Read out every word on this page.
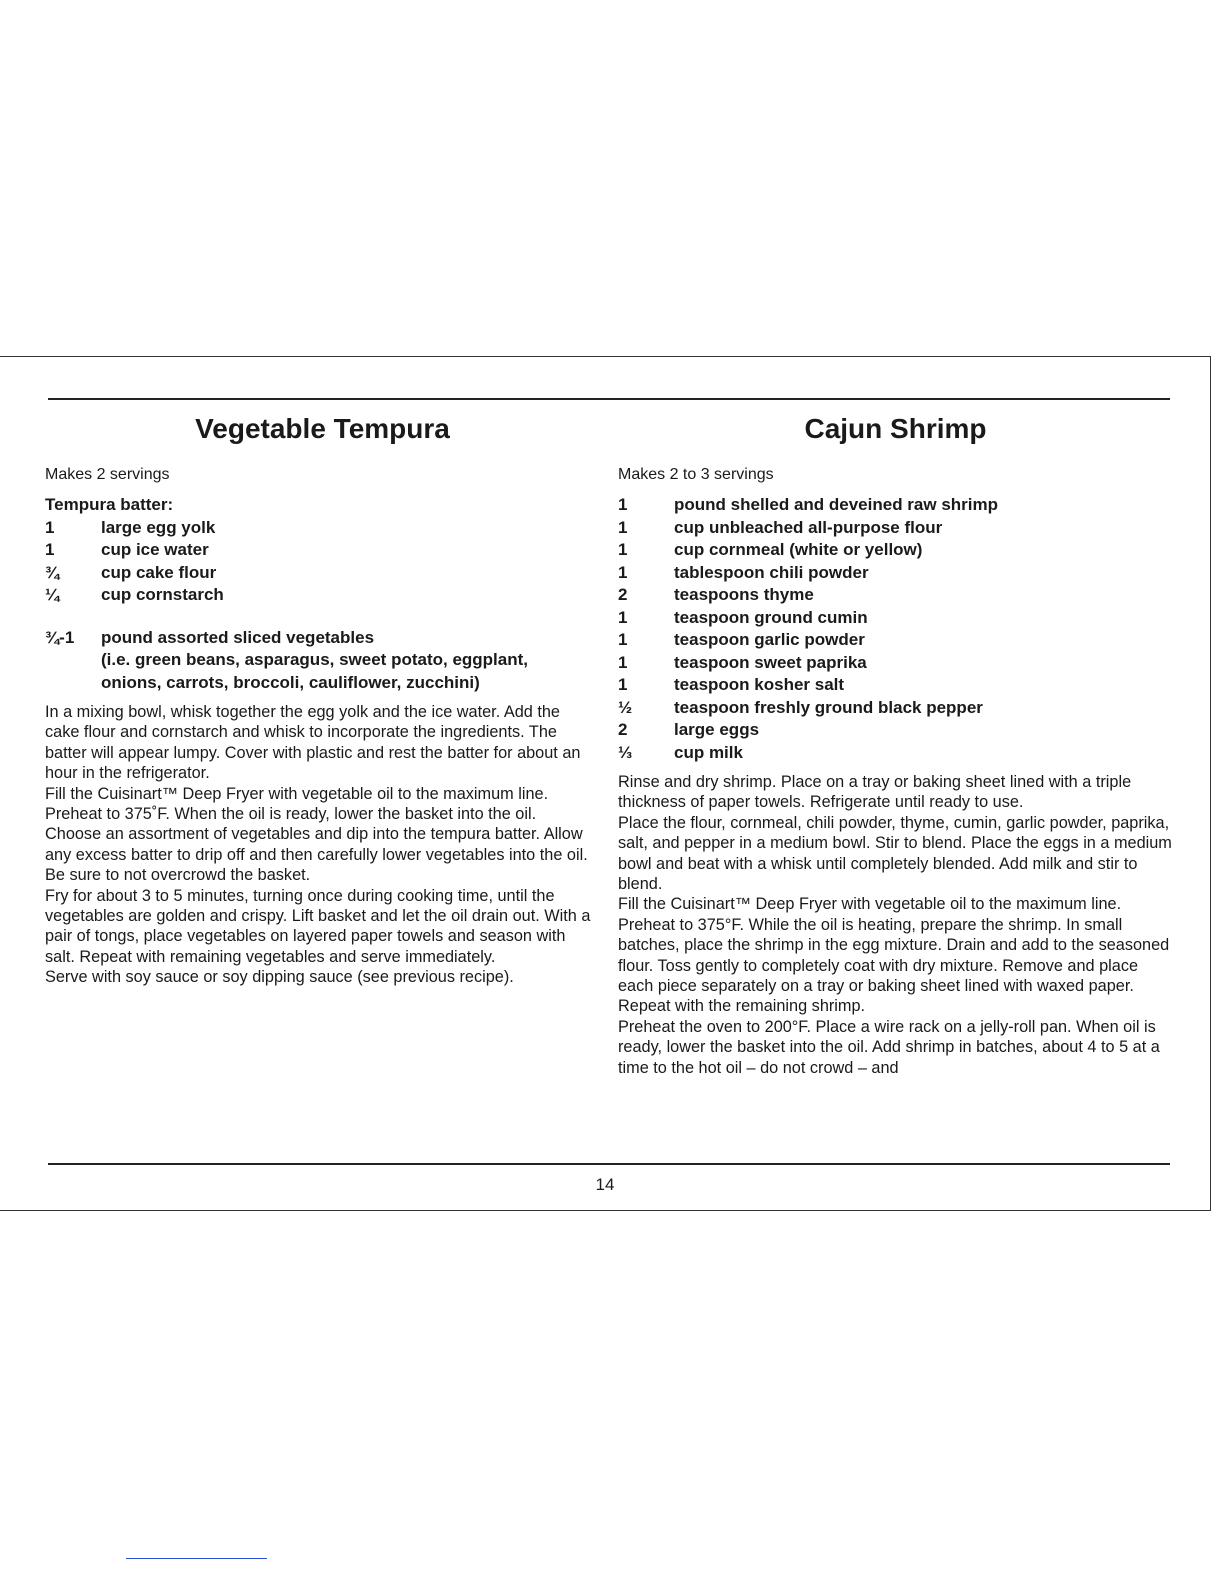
Vegetable Tempura
Makes 2 servings
Tempura batter:
1	large egg yolk
1	cup ice water
¾	cup cake flour
¼	cup cornstarch
¾-1	pound assorted sliced vegetables
(i.e. green beans, asparagus, sweet potato, eggplant,
onions, carrots, broccoli, cauliflower, zucchini)

In a mixing bowl, whisk together the egg yolk and the ice water. Add the cake flour and cornstarch and whisk to incorporate the ingredients. The batter will appear lumpy. Cover with plastic and rest the batter for about an hour in the refrigerator.

Fill the Cuisinart™ Deep Fryer with vegetable oil to the maximum line. Preheat to 375˚F. When the oil is ready, lower the basket into the oil. Choose an assortment of vegetables and dip into the tempura batter. Allow any excess batter to drip off and then carefully lower vegetables into the oil. Be sure to not overcrowd the basket.

Fry for about 3 to 5 minutes, turning once during cooking time, until the vegetables are golden and crispy. Lift basket and let the oil drain out. With a pair of tongs, place vegetables on layered paper towels and season with salt. Repeat with remaining vegetables and serve immediately.

Serve with soy sauce or soy dipping sauce (see previous recipe).

Cajun Shrimp
Makes 2 to 3 servings
1	pound shelled and deveined raw shrimp
1	cup unbleached all-purpose flour
1	cup cornmeal (white or yellow)
1	tablespoon chili powder
2	teaspoons thyme
1	teaspoon ground cumin
1	teaspoon garlic powder
1	teaspoon sweet paprika
1	teaspoon kosher salt
½	teaspoon freshly ground black pepper
2	large eggs
⅓	cup milk

Rinse and dry shrimp. Place on a tray or baking sheet lined with a triple thickness of paper towels. Refrigerate until ready to use.

Place the flour, cornmeal, chili powder, thyme, cumin, garlic powder, paprika, salt, and pepper in a medium bowl. Stir to blend. Place the eggs in a medium bowl and beat with a whisk until completely blended. Add milk and stir to blend.

Fill the Cuisinart™ Deep Fryer with vegetable oil to the maximum line. Preheat to 375°F. While the oil is heating, prepare the shrimp. In small batches, place the shrimp in the egg mixture. Drain and add to the seasoned flour. Toss gently to completely coat with dry mixture. Remove and place each piece separately on a tray or baking sheet lined with waxed paper. Repeat with the remaining shrimp.

Preheat the oven to 200°F. Place a wire rack on a jelly-roll pan. When oil is ready, lower the basket into the oil. Add shrimp in batches, about 4 to 5 at a time to the hot oil – do not crowd – and

14
